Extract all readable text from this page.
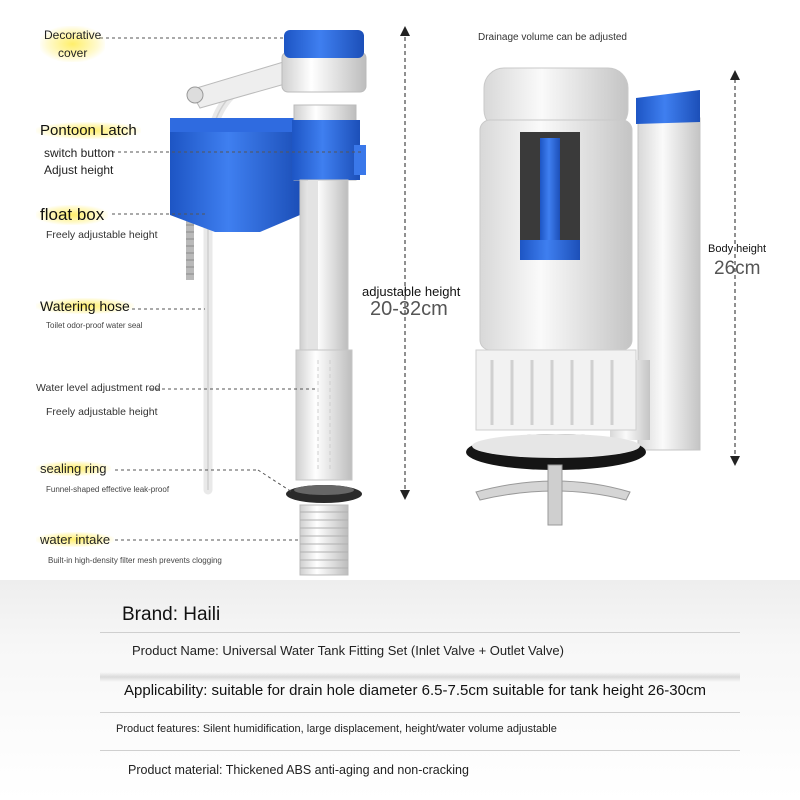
Decorative
cover
Pontoon Latch
switch button
Adjust height
float box
Freely adjustable height
Watering hose
Toilet odor-proof water seal
Water level adjustment rod
Freely adjustable height
sealing ring
Funnel-shaped effective leak-proof
water intake
Built-in high-density filter mesh prevents clogging
adjustable height
20-32cm
Drainage volume can be adjusted
Body height
26cm
Brand: Haili
Product Name: Universal Water Tank Fitting Set (Inlet Valve + Outlet Valve)
Applicability: suitable for drain hole diameter 6.5-7.5cm suitable for tank height 26-30cm
Product features: Silent humidification, large displacement, height/water volume adjustable
Product material: Thickened ABS anti-aging and non-cracking
